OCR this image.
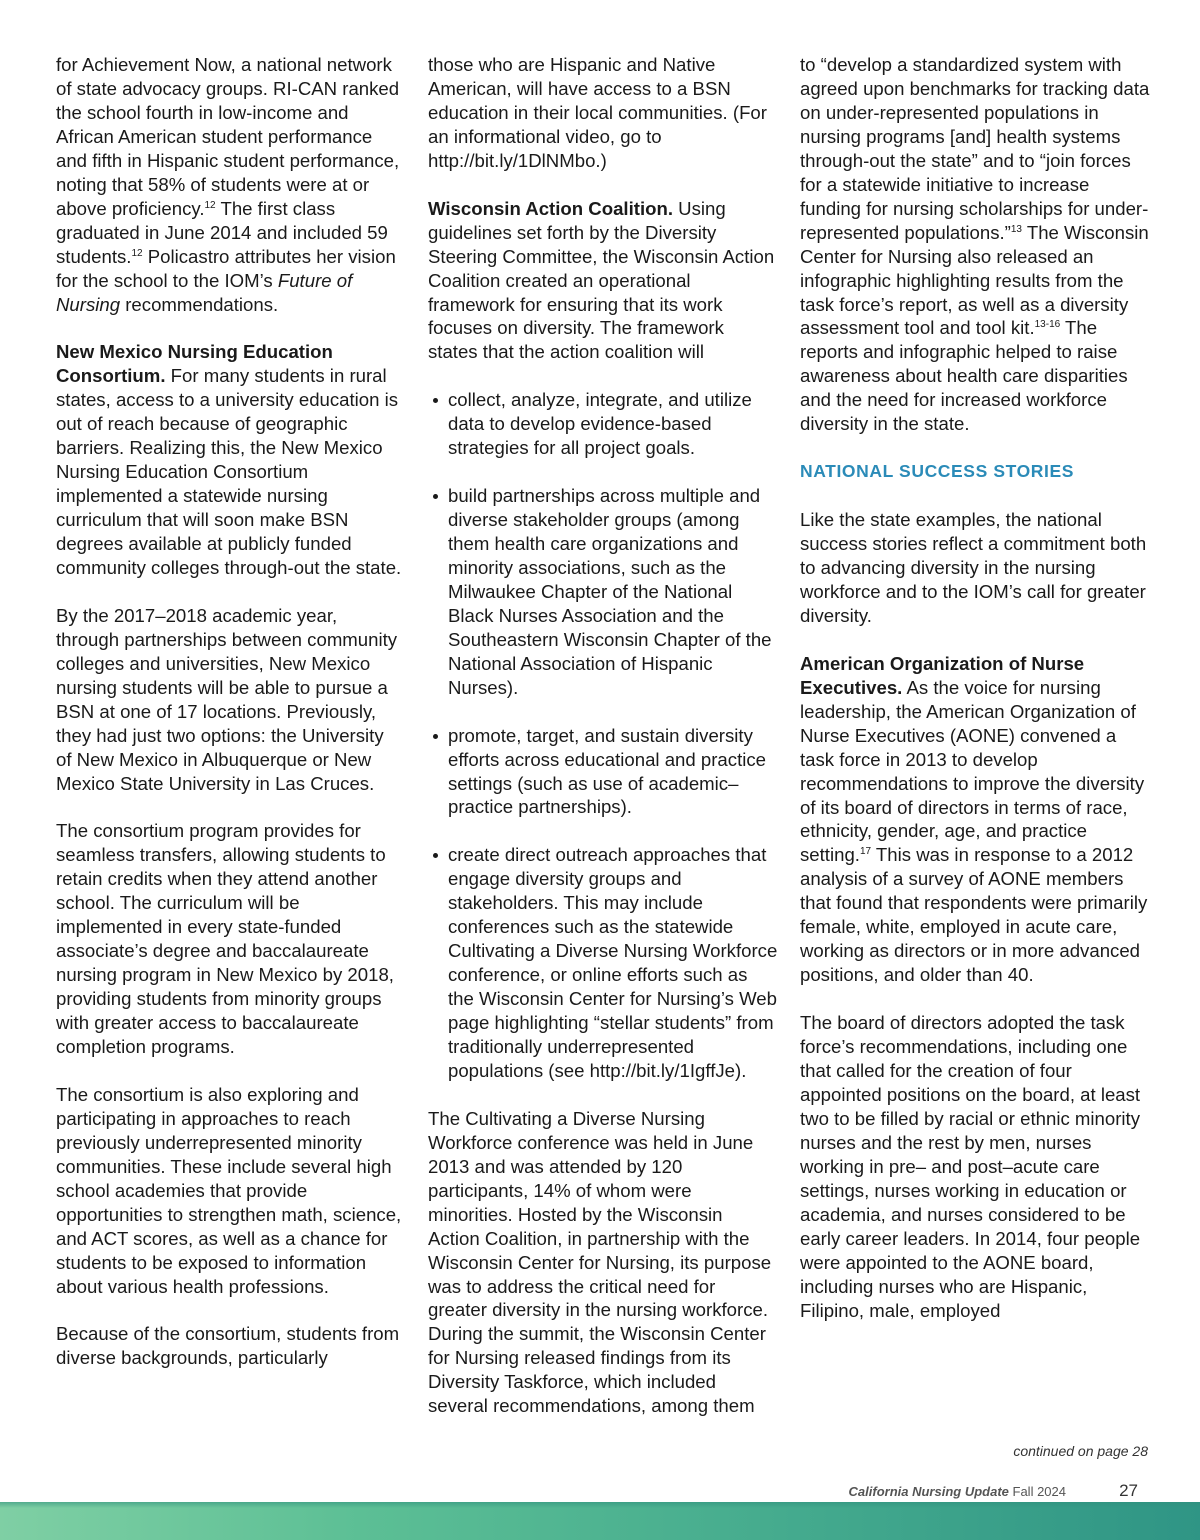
for Achievement Now, a national network of state advocacy groups. RI-CAN ranked the school fourth in low-income and African American student performance and fifth in Hispanic student performance, noting that 58% of students were at or above proficiency.$^{12}$ The first class graduated in June 2014 and included 59 students.$^{12}$ Policastro attributes her vision for the school to the IOM’s Future of Nursing recommendations.

New Mexico Nursing Education Consortium. For many students in rural states, access to a university education is out of reach because of geographic barriers. Realizing this, the New Mexico Nursing Education Consortium implemented a statewide nursing curriculum that will soon make BSN degrees available at publicly funded community colleges through-out the state.

By the 2017–2018 academic year, through partnerships between community colleges and universities, New Mexico nursing students will be able to pursue a BSN at one of 17 locations. Previously, they had just two options: the University of New Mexico in Albuquerque or New Mexico State University in Las Cruces.

The consortium program provides for seamless transfers, allowing students to retain credits when they attend another school. The curriculum will be implemented in every state-funded associate’s degree and baccalaureate nursing program in New Mexico by 2018, providing students from minority groups with greater access to baccalaureate completion programs.

The consortium is also exploring and participating in approaches to reach previously underrepresented minority communities. These include several high school academies that provide opportunities to strengthen math, science, and ACT scores, as well as a chance for students to be exposed to information about various health professions.

Because of the consortium, students from diverse backgrounds, particularly

those who are Hispanic and Native American, will have access to a BSN education in their local communities. (For an informational video, go to http://bit.ly/1DlNMbo.)

Wisconsin Action Coalition. Using guidelines set forth by the Diversity Steering Committee, the Wisconsin Action Coalition created an operational framework for ensuring that its work focuses on diversity. The framework states that the action coalition will

collect, analyze, integrate, and utilize data to develop evidence-based strategies for all project goals.
build partnerships across multiple and diverse stakeholder groups (among them health care organizations and minority associations, such as the Milwaukee Chapter of the National Black Nurses Association and the Southeastern Wisconsin Chapter of the National Association of Hispanic Nurses).
promote, target, and sustain diversity efforts across educational and practice settings (such as use of academic–practice partnerships).
create direct outreach approaches that engage diversity groups and stakeholders. This may include conferences such as the statewide Cultivating a Diverse Nursing Workforce conference, or online efforts such as the Wisconsin Center for Nursing’s Web page highlighting “stellar students” from traditionally underrepresented populations (see http://bit.ly/1IgffJe).

The Cultivating a Diverse Nursing Workforce conference was held in June 2013 and was attended by 120 participants, 14% of whom were minorities. Hosted by the Wisconsin Action Coalition, in partnership with the Wisconsin Center for Nursing, its purpose was to address the critical need for greater diversity in the nursing workforce. During the summit, the Wisconsin Center for Nursing released findings from its Diversity Taskforce, which included several recommendations, among them

to “develop a standardized system with agreed upon benchmarks for tracking data on under-represented populations in nursing programs [and] health systems through-out the state” and to “join forces for a statewide initiative to increase funding for nursing scholarships for under-represented populations.”$^{13}$ The Wisconsin Center for Nursing also released an infographic highlighting results from the task force’s report, as well as a diversity assessment tool and tool kit.$^{13-16}$ The reports and infographic helped to raise awareness about health care disparities and the need for increased workforce diversity in the state.

NATIONAL SUCCESS STORIES

Like the state examples, the national success stories reflect a commitment both to advancing diversity in the nursing workforce and to the IOM’s call for greater diversity.

American Organization of Nurse Executives. As the voice for nursing leadership, the American Organization of Nurse Executives (AONE) convened a task force in 2013 to develop recommendations to improve the diversity of its board of directors in terms of race, ethnicity, gender, age, and practice setting.$^{17}$ This was in response to a 2012 analysis of a survey of AONE members that found that respondents were primarily female, white, employed in acute care, working as directors or in more advanced positions, and older than 40.

The board of directors adopted the task force’s recommendations, including one that called for the creation of four appointed positions on the board, at least two to be filled by racial or ethnic minority nurses and the rest by men, nurses working in pre– and post–acute care settings, nurses working in education or academia, and nurses considered to be early career leaders. In 2014, four people were appointed to the AONE board, including nurses who are Hispanic, Filipino, male, employed

continued on page 28
California Nursing Update Fall 2024	27
